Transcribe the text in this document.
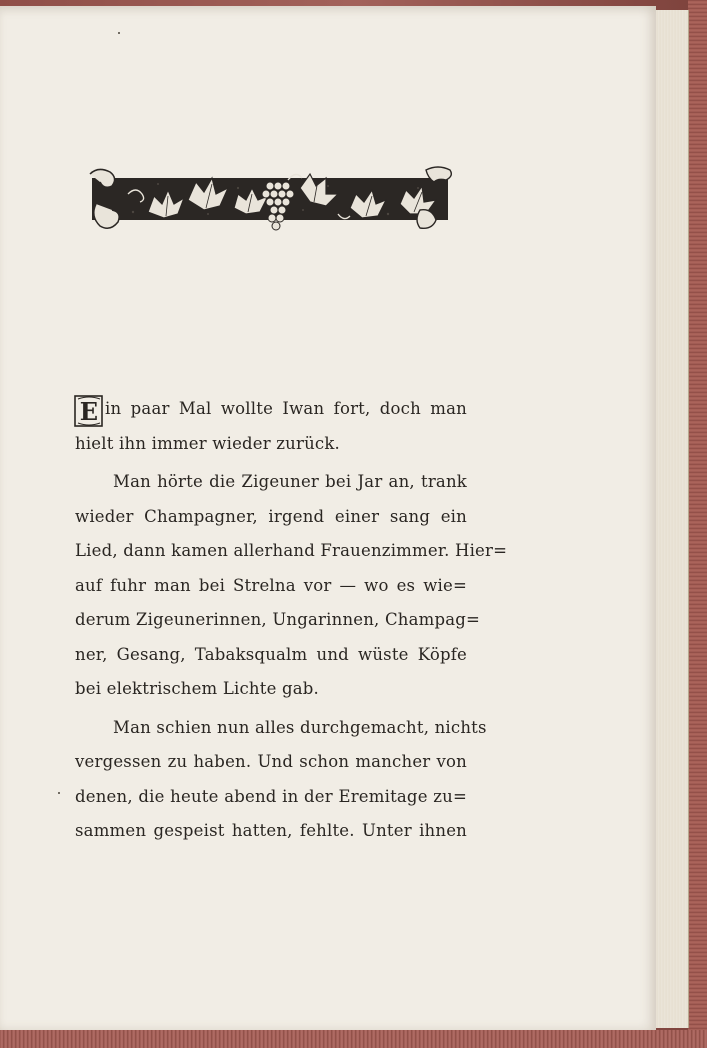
E in paar Mal wollte Iwan fort, doch man
hielt ihn immer wieder zurück.
Man hörte die Zigeuner bei Jar an, trank
wieder Champagner, irgend einer sang ein
Lied, dann kamen allerhand Frauenzimmer. Hier=
auf fuhr man bei Strelna vor — wo es wie=
derum Zigeunerinnen, Ungarinnen, Champag=
ner, Gesang, Tabaksqualm und wüste Köpfe
bei elektrischem Lichte gab.
Man schien nun alles durchgemacht, nichts
vergessen zu haben. Und schon mancher von
denen, die heute abend in der Eremitage zu=
sammen gespeist hatten, fehlte. Unter ihnen
